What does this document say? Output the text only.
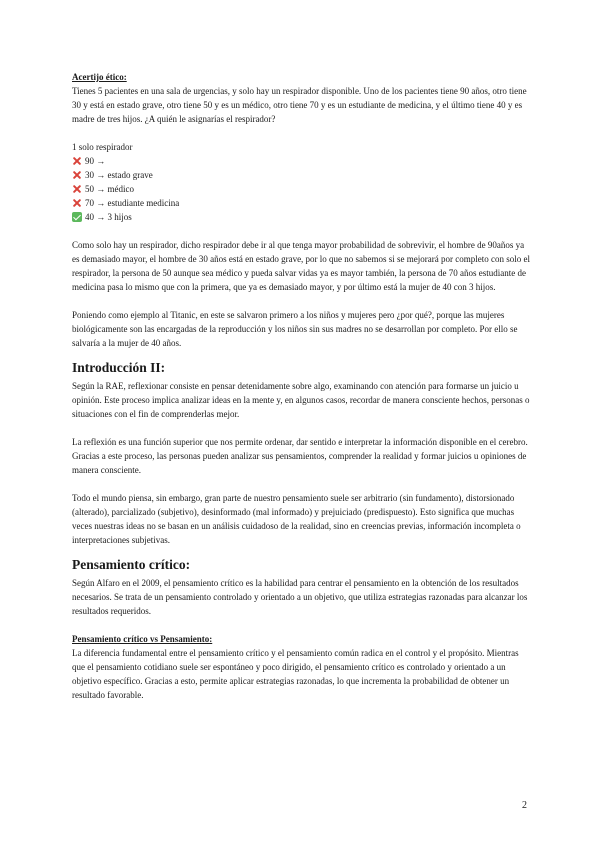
Acertijo ético:

Tienes 5 pacientes en una sala de urgencias, y solo hay un respirador disponible. Uno de los pacientes tiene 90 años, otro tiene 30 y está en estado grave, otro tiene 50 y es un médico, otro tiene 70 y es un estudiante de medicina, y el último tiene 40 y es madre de tres hijos. ¿A quién le asignarías el respirador?

1 solo respirador
90 →
30 → estado grave
50 → médico
70 → estudiante medicina
40 → 3 hijos

Como solo hay un respirador, dicho respirador debe ir al que tenga mayor probabilidad de sobrevivir, el hombre de 90años ya es demasiado mayor, el hombre de 30 años está en estado grave, por lo que no sabemos si se mejorará por completo con solo el respirador, la persona de 50 aunque sea médico y pueda salvar vidas ya es mayor también, la persona de 70 años estudiante de medicina pasa lo mismo que con la primera, que ya es demasiado mayor, y por último está la mujer de 40 con 3 hijos.

Poniendo como ejemplo al Titanic, en este se salvaron primero a los niños y mujeres pero ¿por qué?, porque las mujeres biológicamente son las encargadas de la reproducción y los niños sin sus madres no se desarrollan por completo. Por ello se salvaría a la mujer de 40 años.

Introducción II:

Según la RAE, reflexionar consiste en pensar detenidamente sobre algo, examinando con atención para formarse un juicio u opinión. Este proceso implica analizar ideas en la mente y, en algunos casos, recordar de manera consciente hechos, personas o situaciones con el fin de comprenderlas mejor.

La reflexión es una función superior que nos permite ordenar, dar sentido e interpretar la información disponible en el cerebro. Gracias a este proceso, las personas pueden analizar sus pensamientos, comprender la realidad y formar juicios u opiniones de manera consciente.

Todo el mundo piensa, sin embargo, gran parte de nuestro pensamiento suele ser arbitrario (sin fundamento), distorsionado (alterado), parcializado (subjetivo), desinformado (mal informado) y prejuiciado (predispuesto). Esto significa que muchas veces nuestras ideas no se basan en un análisis cuidadoso de la realidad, sino en creencias previas, información incompleta o interpretaciones subjetivas.

Pensamiento crítico:

Según Alfaro en el 2009, el pensamiento crítico es la habilidad para centrar el pensamiento en la obtención de los resultados necesarios. Se trata de un pensamiento controlado y orientado a un objetivo, que utiliza estrategias razonadas para alcanzar los resultados requeridos.

Pensamiento crítico vs Pensamiento:

La diferencia fundamental entre el pensamiento crítico y el pensamiento común radica en el control y el propósito. Mientras que el pensamiento cotidiano suele ser espontáneo y poco dirigido, el pensamiento crítico es controlado y orientado a un objetivo específico. Gracias a esto, permite aplicar estrategias razonadas, lo que incrementa la probabilidad de obtener un resultado favorable.

2
